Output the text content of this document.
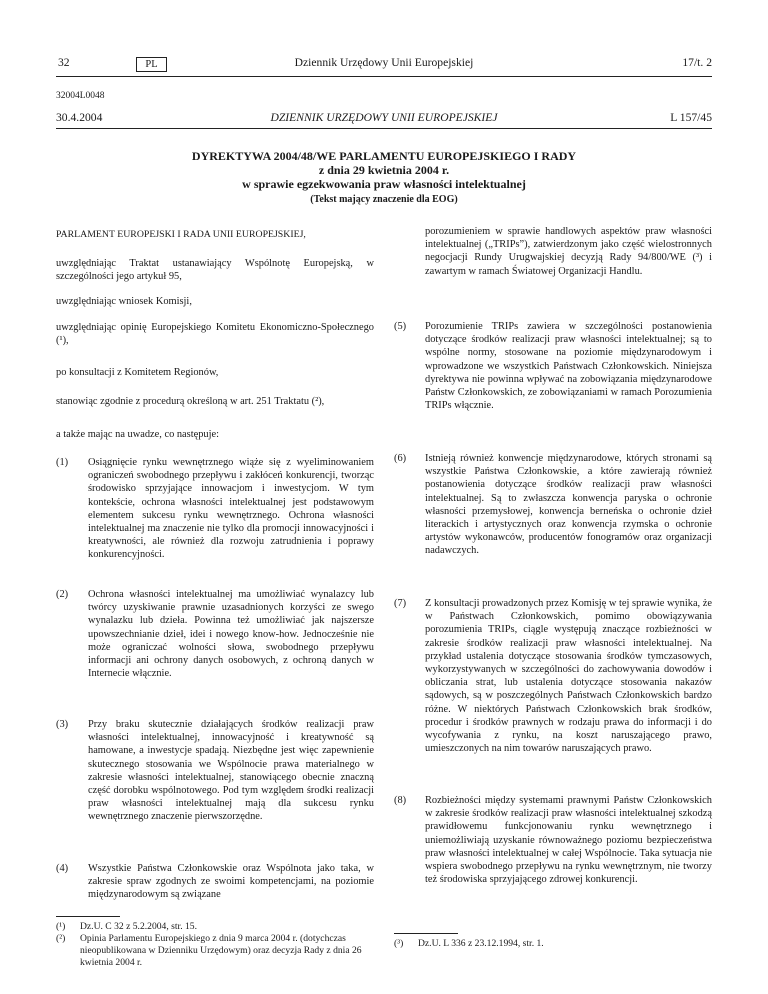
32	PL	Dziennik Urzędowy Unii Europejskiej	17/t. 2
32004L0048
30.4.2004	DZIENNIK URZĘDOWY UNII EUROPEJSKIEJ	L 157/45
DYREKTYWA 2004/48/WE PARLAMENTU EUROPEJSKIEGO I RADY
z dnia 29 kwietnia 2004 r.
w sprawie egzekwowania praw własności intelektualnej
(Tekst mający znaczenie dla EOG)
PARLAMENT EUROPEJSKI I RADA UNII EUROPEJSKIEJ,
uwzględniając Traktat ustanawiający Wspólnotę Europejską, w szczególności jego artykuł 95,
uwzględniając wniosek Komisji,
uwzględniając opinię Europejskiego Komitetu Ekonomiczno-Społecznego (¹),
po konsultacji z Komitetem Regionów,
stanowiąc zgodnie z procedurą określoną w art. 251 Traktatu (²),
a także mając na uwadze, co następuje:
(1) Osiągnięcie rynku wewnętrznego wiąże się z wyeliminowaniem ograniczeń swobodnego przepływu i zakłóceń konkurencji, tworząc środowisko sprzyjające innowacjom i inwestycjom. W tym kontekście, ochrona własności intelektualnej jest podstawowym elementem sukcesu rynku wewnętrznego. Ochrona własności intelektualnej ma znaczenie nie tylko dla promocji innowacyjności i kreatywności, ale również dla rozwoju zatrudnienia i poprawy konkurencyjności.
(2) Ochrona własności intelektualnej ma umożliwiać wynalazcy lub twórcy uzyskiwanie prawnie uzasadnionych korzyści ze swego wynalazku lub dzieła. Powinna też umożliwiać jak najszersze upowszechnianie dzieł, idei i nowego know-how. Jednocześnie nie może ograniczać wolności słowa, swobodnego przepływu informacji ani ochrony danych osobowych, z ochroną danych w Internecie włącznie.
(3) Przy braku skutecznie działających środków realizacji praw własności intelektualnej, innowacyjność i kreatywność są hamowane, a inwestycje spadają. Niezbędne jest więc zapewnienie skutecznego stosowania we Wspólnocie prawa materialnego w zakresie własności intelektualnej, stanowiącego obecnie znaczną część dorobku wspólnotowego. Pod tym względem środki realizacji praw własności intelektualnej mają dla sukcesu rynku wewnętrznego znaczenie pierwszorzędne.
(4) Wszystkie Państwa Członkowskie oraz Wspólnota jako taka, w zakresie spraw zgodnych ze swoimi kompetencjami, na poziomie międzynarodowym są związane
(¹) Dz.U. C 32 z 5.2.2004, str. 15.
(²) Opinia Parlamentu Europejskiego z dnia 9 marca 2004 r. (dotychczas nieopublikowana w Dzienniku Urzędowym) oraz decyzja Rady z dnia 26 kwietnia 2004 r.
porozumieniem w sprawie handlowych aspektów praw własności intelektualnej („TRIPs”), zatwierdzonym jako część wielostronnych negocjacji Rundy Urugwajskiej decyzją Rady 94/800/WE (³) i zawartym w ramach Światowej Organizacji Handlu.
(5) Porozumienie TRIPs zawiera w szczególności postanowienia dotyczące środków realizacji praw własności intelektualnej; są to wspólne normy, stosowane na poziomie międzynarodowym i wprowadzone we wszystkich Państwach Członkowskich. Niniejsza dyrektywa nie powinna wpływać na zobowiązania międzynarodowe Państw Członkowskich, ze zobowiązaniami w ramach Porozumienia TRIPs włącznie.
(6) Istnieją również konwencje międzynarodowe, których stronami są wszystkie Państwa Członkowskie, a które zawierają również postanowienia dotyczące środków realizacji praw własności intelektualnej. Są to zwłaszcza konwencja paryska o ochronie własności przemysłowej, konwencja berneńska o ochronie dzieł literackich i artystycznych oraz konwencja rzymska o ochronie artystów wykonawców, producentów fonogramów oraz organizacji nadawczych.
(7) Z konsultacji prowadzonych przez Komisję w tej sprawie wynika, że w Państwach Członkowskich, pomimo obowiązywania porozumienia TRIPs, ciągle występują znaczące rozbieżności w zakresie środków realizacji praw własności intelektualnej. Na przykład ustalenia dotyczące stosowania środków tymczasowych, wykorzystywanych w szczególności do zachowywania dowodów i obliczania strat, lub ustalenia dotyczące stosowania nakazów sądowych, są w poszczególnych Państwach Członkowskich bardzo różne. W niektórych Państwach Członkowskich brak środków, procedur i środków prawnych w rodzaju prawa do informacji i do wycofywania z rynku, na koszt naruszającego prawo, umieszczonych na nim towarów naruszających prawo.
(8) Rozbieżności między systemami prawnymi Państw Członkowskich w zakresie środków realizacji praw własności intelektualnej szkodzą prawidłowemu funkcjonowaniu rynku wewnętrznego i uniemożliwiają uzyskanie równoważnego poziomu bezpieczeństwa praw własności intelektualnej w całej Wspólnocie. Taka sytuacja nie wspiera swobodnego przepływu na rynku wewnętrznym, nie tworzy też środowiska sprzyjającego zdrowej konkurencji.
(³) Dz.U. L 336 z 23.12.1994, str. 1.
